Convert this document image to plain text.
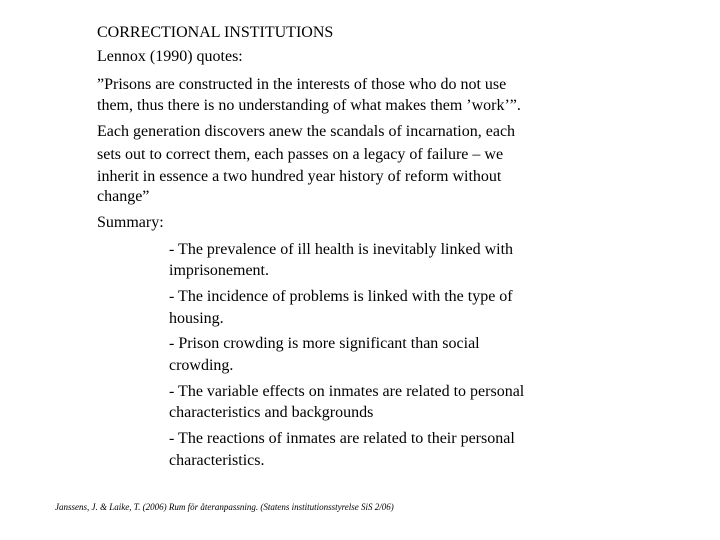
CORRECTIONAL INSTITUTIONS
Lennox (1990) quotes:
”Prisons are constructed in the interests of those who do not use
them, thus there is no understanding of what makes them ’work’”.
Each generation discovers anew the scandals of incarnation, each
sets out to correct them, each passes on a legacy of failure – we
inherit in essence a two hundred year history of reform without
change”
Summary:
- The prevalence of ill health is inevitably linked with
imprisonement.
- The incidence of problems is linked with the type of
housing.
- Prison crowding is more significant than social
crowding.
- The variable effects on inmates are related to personal
characteristics and backgrounds
- The reactions of inmates are related to their personal
characteristics.
Janssens, J. & Laike, T. (2006) Rum för återanpassning. (Statens institutionsstyrelse SiS 2/06)
